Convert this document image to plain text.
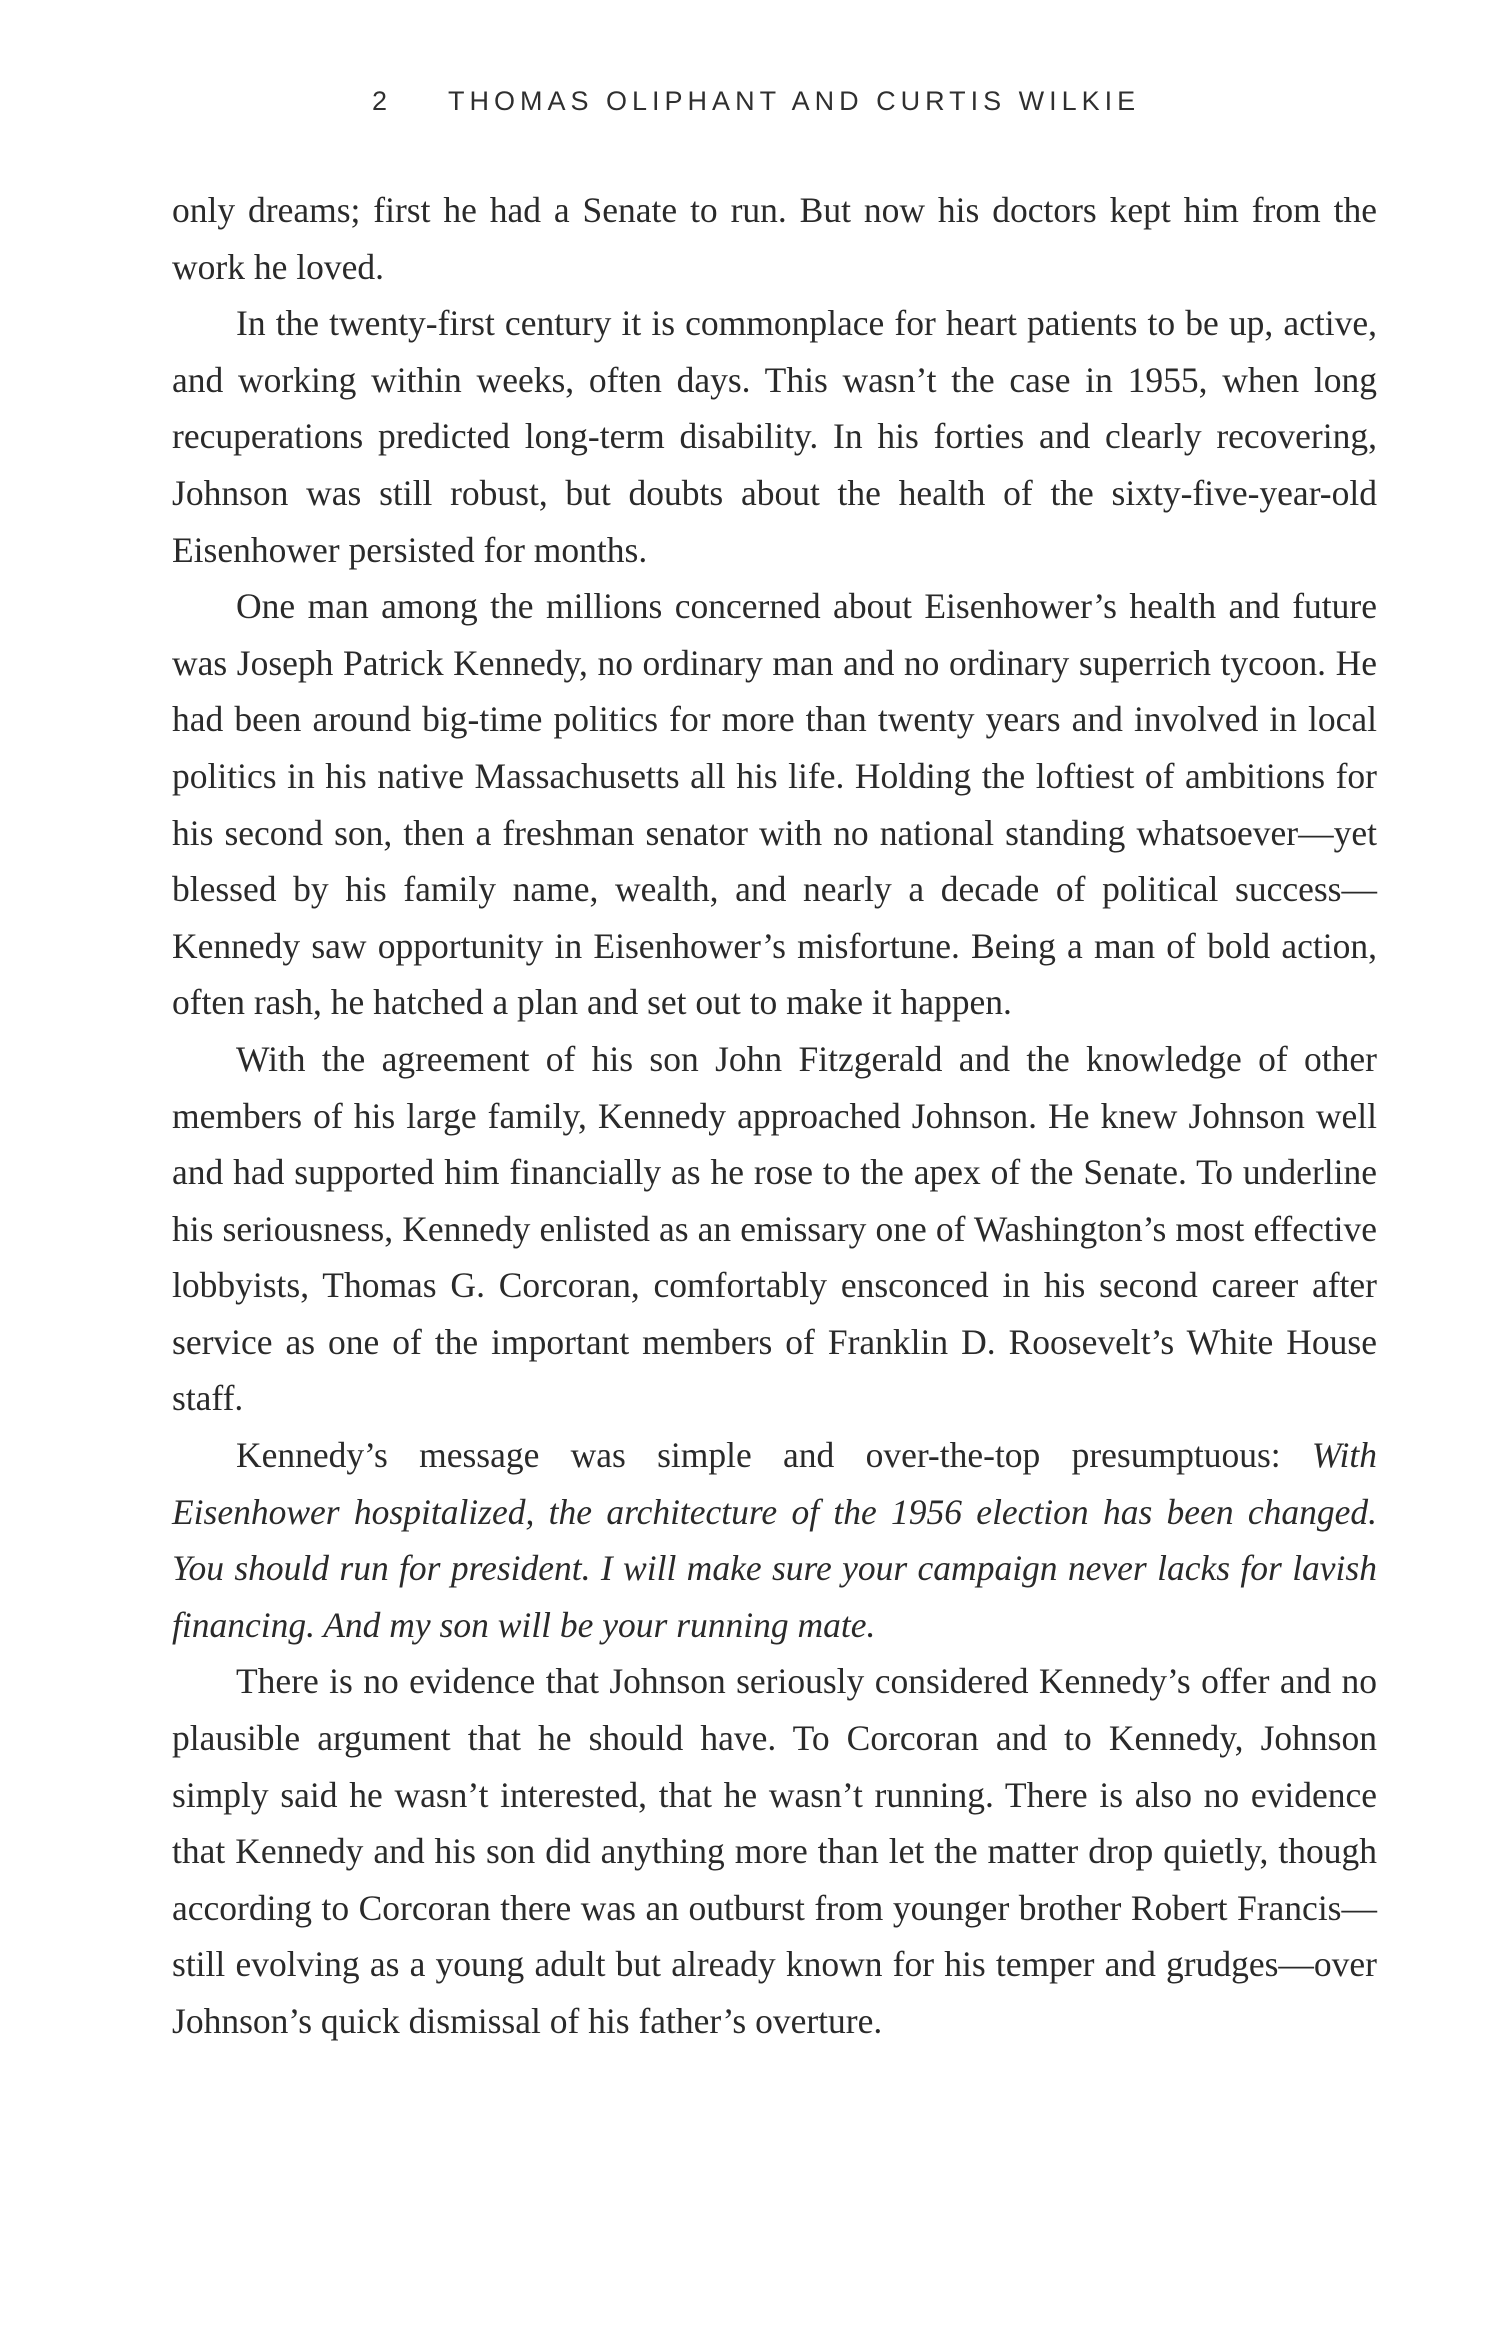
2 THOMAS OLIPHANT AND CURTIS WILKIE

only dreams; first he had a Senate to run. But now his doctors kept him from the work he loved.

In the twenty-first century it is commonplace for heart patients to be up, active, and working within weeks, often days. This wasn’t the case in 1955, when long recuperations predicted long-term disability. In his forties and clearly recovering, Johnson was still robust, but doubts about the health of the sixty-five-year-old Eisenhower persisted for months.

One man among the millions concerned about Eisenhower’s health and future was Joseph Patrick Kennedy, no ordinary man and no ordinary superrich tycoon. He had been around big-time politics for more than twenty years and involved in local politics in his native Massachusetts all his life. Holding the loftiest of ambitions for his second son, then a freshman senator with no national standing whatsoever—yet blessed by his family name, wealth, and nearly a decade of political success—Kennedy saw opportunity in Eisenhower’s misfortune. Being a man of bold action, often rash, he hatched a plan and set out to make it happen.

With the agreement of his son John Fitzgerald and the knowledge of other members of his large family, Kennedy approached Johnson. He knew Johnson well and had supported him financially as he rose to the apex of the Senate. To underline his seriousness, Kennedy enlisted as an emissary one of Washington’s most effective lobbyists, Thomas G. Corcoran, comfortably ensconced in his second career after service as one of the important members of Franklin D. Roosevelt’s White House staff.

Kennedy’s message was simple and over-the-top presumptuous: With Eisenhower hospitalized, the architecture of the 1956 election has been changed. You should run for president. I will make sure your campaign never lacks for lavish financing. And my son will be your running mate.

There is no evidence that Johnson seriously considered Kennedy’s offer and no plausible argument that he should have. To Corcoran and to Kennedy, Johnson simply said he wasn’t interested, that he wasn’t running. There is also no evidence that Kennedy and his son did anything more than let the matter drop quietly, though according to Corcoran there was an outburst from younger brother Robert Francis—still evolving as a young adult but already known for his temper and grudges—over Johnson’s quick dismissal of his father’s overture.
